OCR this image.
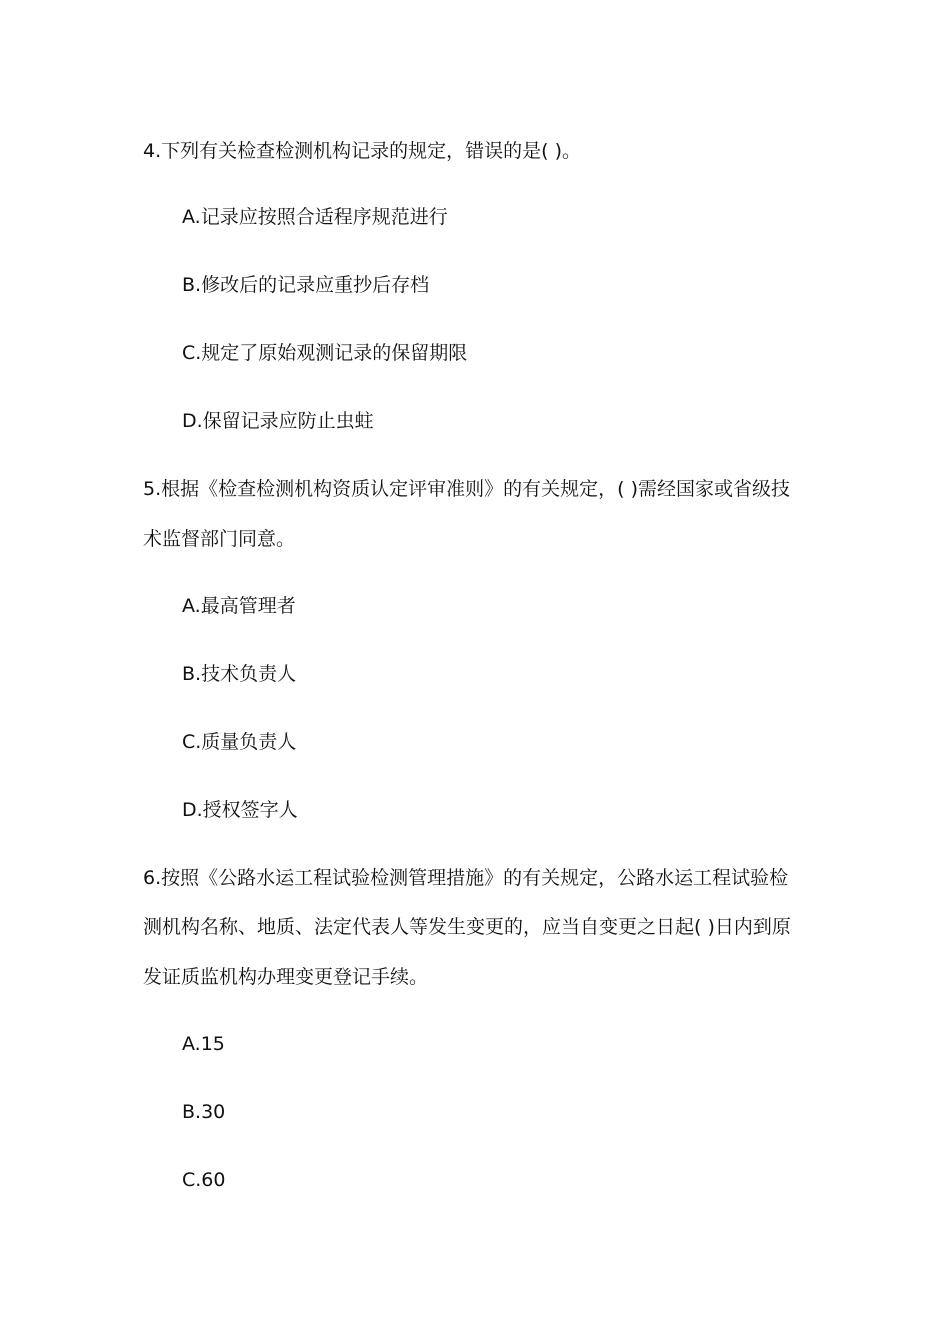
4.下列有关检查检测机构记录的规定，错误的是( )。
A.记录应按照合适程序规范进行
B.修改后的记录应重抄后存档
C.规定了原始观测记录的保留期限
D.保留记录应防止虫蛀
5.根据《检查检测机构资质认定评审准则》的有关规定，( )需经国家或省级技
术监督部门同意。
A.最高管理者
B.技术负责人
C.质量负责人
D.授权签字人
6.按照《公路水运工程试验检测管理措施》的有关规定，公路水运工程试验检
测机构名称、地质、法定代表人等发生变更的，应当自变更之日起( )日内到原
发证质监机构办理变更登记手续。
A.15
B.30
C.60
